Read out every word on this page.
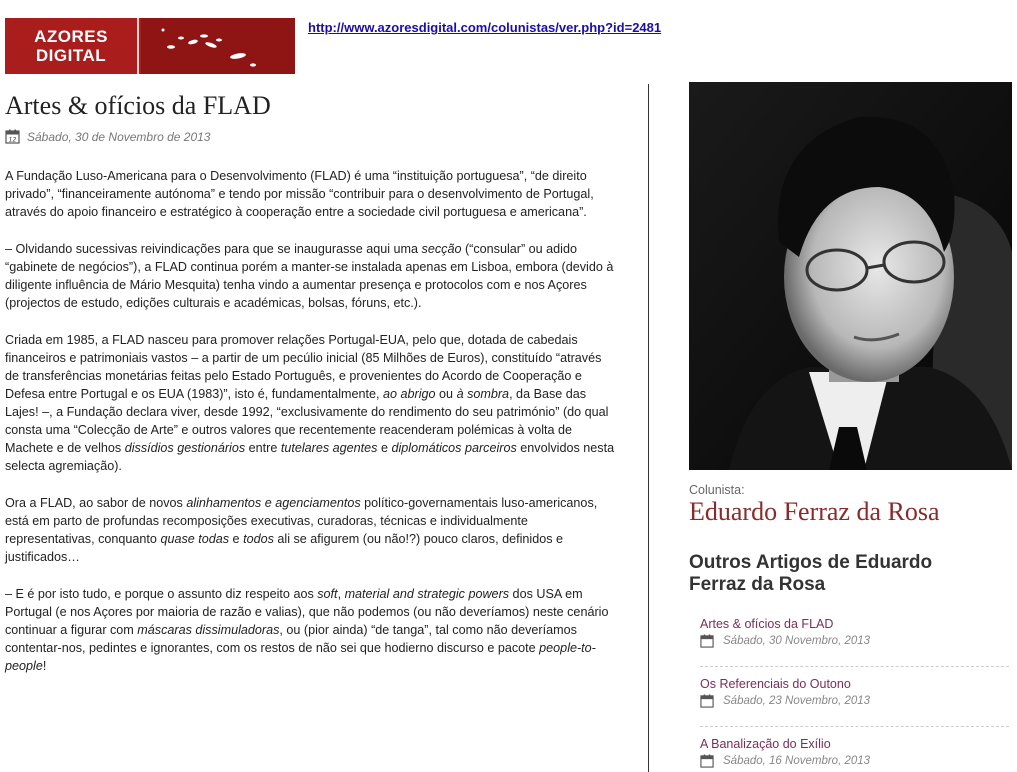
AZORES
DIGITAL
http://www.azoresdigital.com/colunistas/ver.php?id=2481
Artes & ofícios da FLAD
12 Sábado, 30 de Novembro de 2013

A Fundação Luso-Americana para o Desenvolvimento (FLAD) é uma “instituição portuguesa”, “de direito privado”, “financeiramente autónoma” e tendo por missão “contribuir para o desenvolvimento de Portugal, através do apoio financeiro e estratégico à cooperação entre a sociedade civil portuguesa e americana”.

– Olvidando sucessivas reivindicações para que se inaugurasse aqui uma secção (“consular” ou adido “gabinete de negócios”), a FLAD continua porém a manter-se instalada apenas em Lisboa, embora (devido à diligente influência de Mário Mesquita) tenha vindo a aumentar presença e protocolos com e nos Açores (projectos de estudo, edições culturais e académicas, bolsas, fóruns, etc.).

Criada em 1985, a FLAD nasceu para promover relações Portugal-EUA, pelo que, dotada de cabedais financeiros e patrimoniais vastos – a partir de um pecúlio inicial (85 Milhões de Euros), constituído “através de transferências monetárias feitas pelo Estado Português, e provenientes do Acordo de Cooperação e Defesa entre Portugal e os EUA (1983)”, isto é, fundamentalmente, ao abrigo ou à sombra, da Base das Lajes! –, a Fundação declara viver, desde 1992, “exclusivamente do rendimento do seu património” (do qual consta uma “Colecção de Arte” e outros valores que recentemente reacenderam polémicas à volta de Machete e de velhos dissídios gestionários entre tutelares agentes e diplomáticos parceiros envolvidos nesta selecta agremiação).

Ora a FLAD, ao sabor de novos alinhamentos e agenciamentos político-governamentais luso-americanos, está em parto de profundas recomposições executivas, curadoras, técnicas e individualmente representativas, conquanto quase todas e todos ali se afigurem (ou não!?) pouco claros, definidos e justificados…

– E é por isto tudo, e porque o assunto diz respeito aos soft, material and strategic powers dos USA em Portugal (e nos Açores por maioria de razão e valias), que não podemos (ou não deveríamos) neste cenário continuar a figurar com máscaras dissimuladoras, ou (pior ainda) “de tanga”, tal como não deveríamos contentar-nos, pedintes e ignorantes, com os restos de não sei que hodierno discurso e pacote people-to-people!

Colunista:
Eduardo Ferraz da Rosa
Outros Artigos de Eduardo Ferraz da Rosa
Artes & ofícios da FLAD
Sábado, 30 Novembro, 2013
Os Referenciais do Outono
Sábado, 23 Novembro, 2013
A Banalização do Exílio
Sábado, 16 Novembro, 2013
